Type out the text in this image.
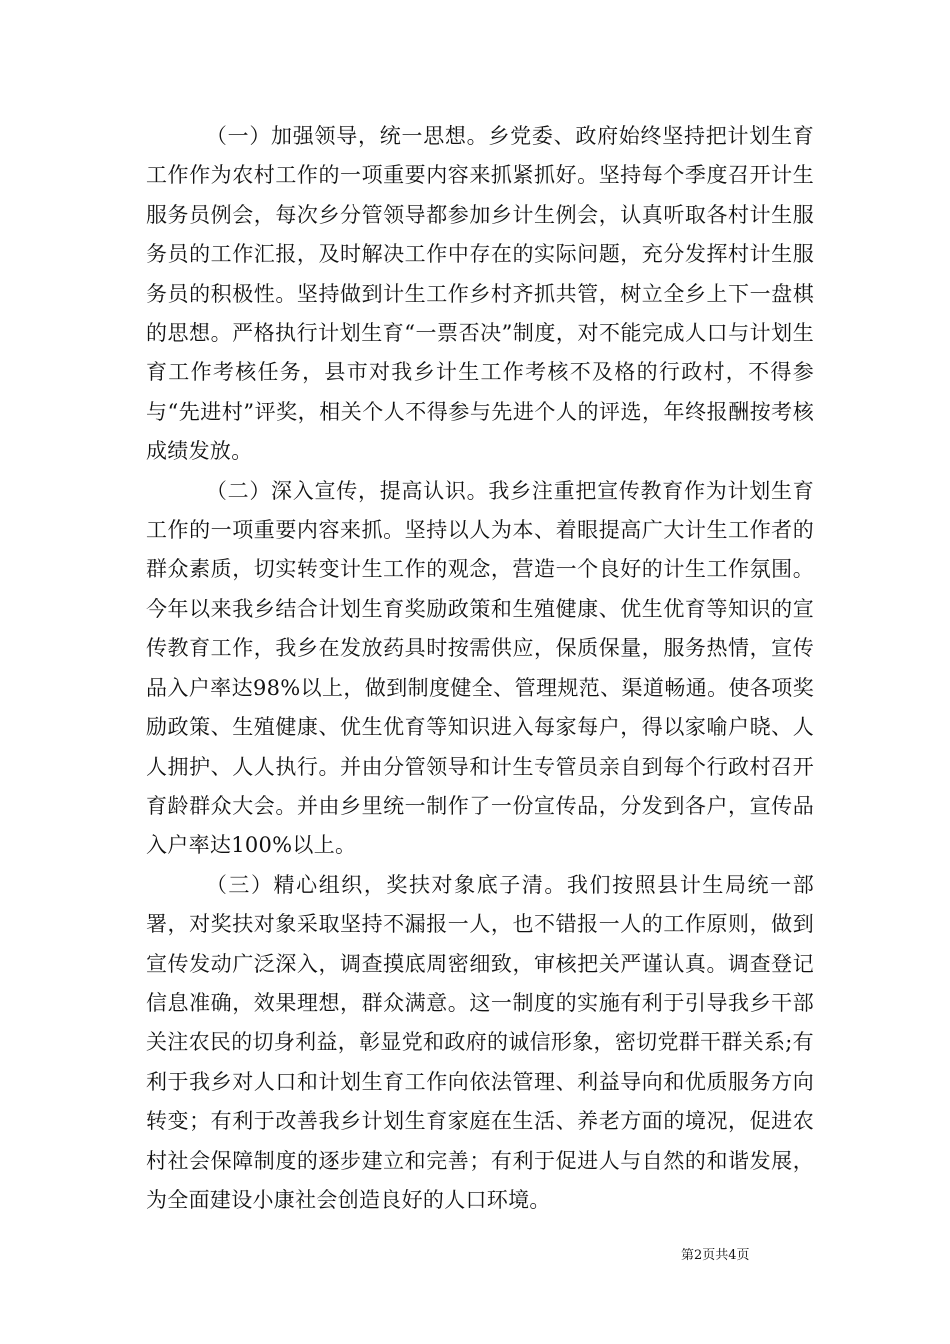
（一）加强领导，统一思想。乡党委、政府始终坚持把计划生育工作作为农村工作的一项重要内容来抓紧抓好。坚持每个季度召开计生服务员例会，每次乡分管领导都参加乡计生例会，认真听取各村计生服务员的工作汇报，及时解决工作中存在的实际问题，充分发挥村计生服务员的积极性。坚持做到计生工作乡村齐抓共管，树立全乡上下一盘棋的思想。严格执行计划生育“一票否决”制度，对不能完成人口与计划生育工作考核任务，县市对我乡计生工作考核不及格的行政村，不得参与“先进村”评奖，相关个人不得参与先进个人的评选，年终报酬按考核成绩发放。

（二）深入宣传，提高认识。我乡注重把宣传教育作为计划生育工作的一项重要内容来抓。坚持以人为本、着眼提高广大计生工作者的群众素质，切实转变计生工作的观念，营造一个良好的计生工作氛围。今年以来我乡结合计划生育奖励政策和生殖健康、优生优育等知识的宣传教育工作，我乡在发放药具时按需供应，保质保量，服务热情，宣传品入户率达98%以上，做到制度健全、管理规范、渠道畅通。使各项奖励政策、生殖健康、优生优育等知识进入每家每户，得以家喻户晓、人人拥护、人人执行。并由分管领导和计生专管员亲自到每个行政村召开育龄群众大会。并由乡里统一制作了一份宣传品，分发到各户，宣传品入户率达100%以上。

（三）精心组织，奖扶对象底子清。我们按照县计生局统一部署，对奖扶对象采取坚持不漏报一人，也不错报一人的工作原则，做到宣传发动广泛深入，调查摸底周密细致，审核把关严谨认真。调查登记信息准确，效果理想，群众满意。这一制度的实施有利于引导我乡干部关注农民的切身利益，彰显党和政府的诚信形象，密切党群干群关系;有利于我乡对人口和计划生育工作向依法管理、利益导向和优质服务方向转变；有利于改善我乡计划生育家庭在生活、养老方面的境况，促进农村社会保障制度的逐步建立和完善；有利于促进人与自然的和谐发展，为全面建设小康社会创造良好的人口环境。

第2页共4页
